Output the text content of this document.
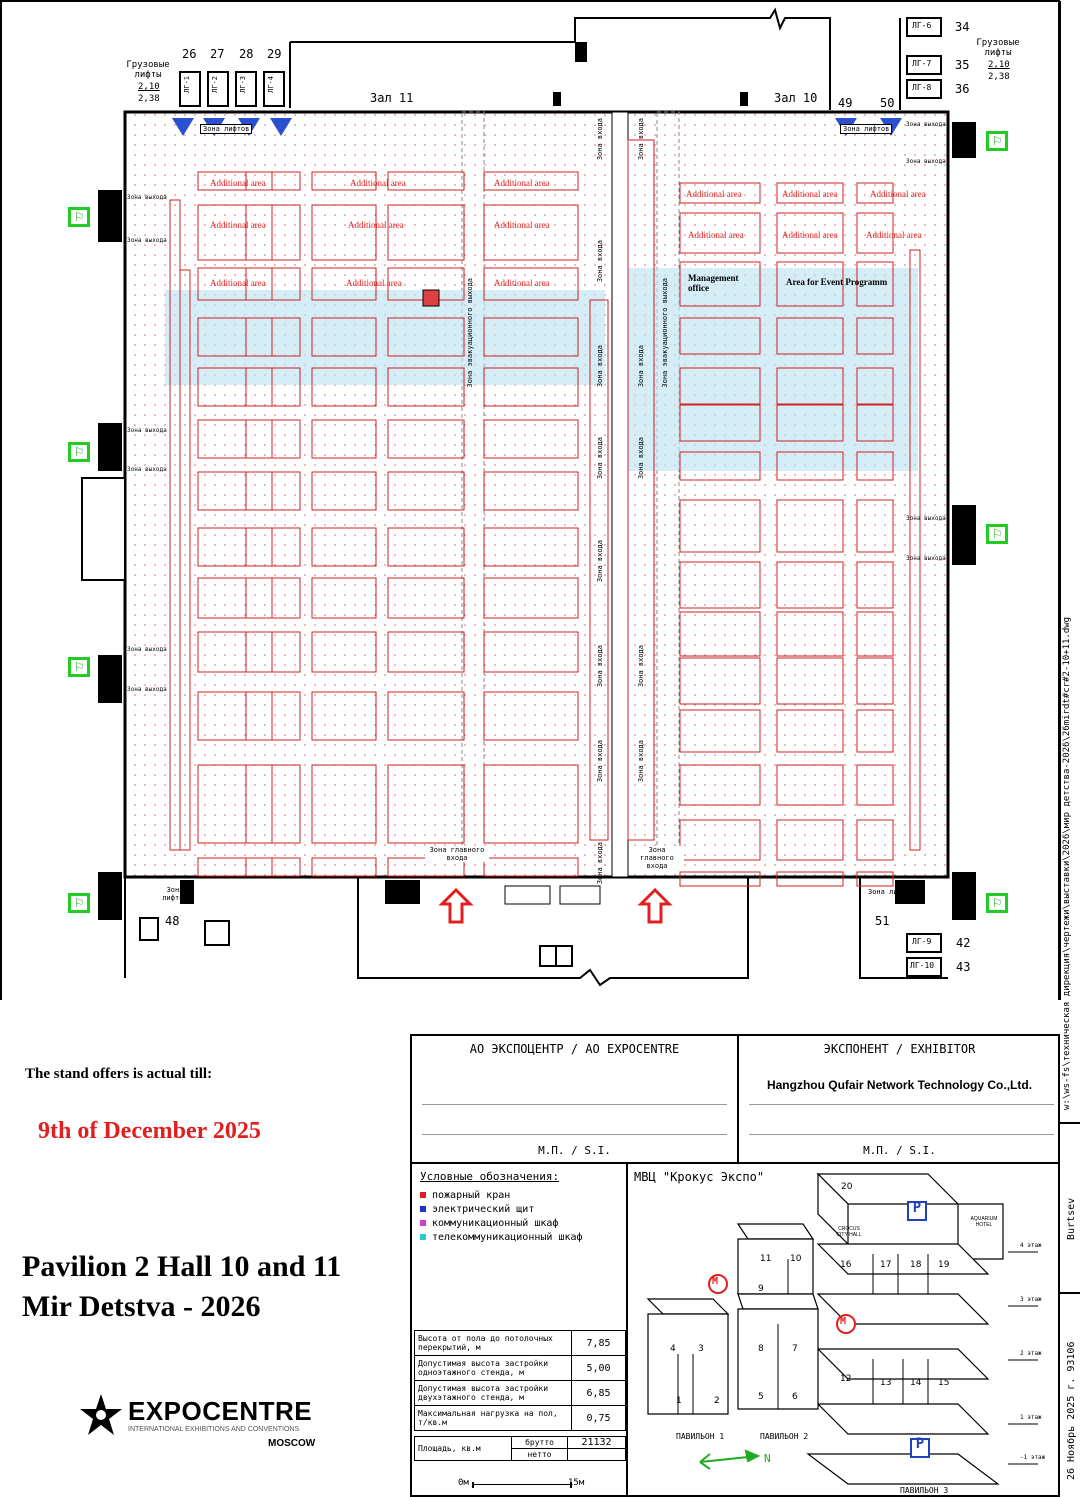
Зал 11	Зал 10
Грузовые лифты
2,10
2,38
26 27 28 29
ЛГ-1	ЛГ-2	ЛГ-3	ЛГ-4
Грузовые лифты
2,10
2,38
ЛГ-6 34
ЛГ-7 35
ЛГ-8 36
ЛГ-9 42
ЛГ-10 43
49 50
48	51
Зона лифтов	Зона лифтов
Зона лифтов
Зона лифтов
Зона главного входа
Зона главного входа
Зона выхода
Зона выхода
Зона выхода
Зона выхода
Зона выхода
Зона выхода
Зона выхода
Зона выхода
Зона выхода
Зона выхода
Зона входа
Зона входа
Зона входа
Зона входа
Зона входа
Зона входа
Зона входа
Зона входа
Зона входа
Зона входа
Зона входа
Зона входа
Зона входа
Зона эвакуационного выхода	Зона эвакуационного выхода
Additional area	Additional area	Additional area
Additional area	Additional area	Additional area
Additional area	Additional area	Additional area
Additional area	Additional area	Additional area
Additional area	Additional area	Additional area
Management office
Area for Event Programm
⚐
⚐
⚐
⚐
⚐
⚐
⚐	w:\ws-fs\техническая дирекция\чертежи\выставки\2026\мир детства-2026\26mirdt#cr#2-10+11.dwg
Burtsev
26 Ноябрь 2025 г. 93106
The stand offers is actual till:
9th of December 2025
Pavilion 2 Hall 10 and 11
Mir Detstva - 2026
EXPOCENTRE
INTERNATIONAL EXHIBITIONS AND CONVENTIONS
MOSCOW
АО ЭКСПОЦЕНТР / AO EXPOCENTRE	ЭКСПОНЕНТ / EXHIBITOR
Hangzhou Qufair Network Technology Co.,Ltd.
М.П. / S.I.	М.П. / S.I.
Условные обозначения:
пожарный кран
электрический щит
коммуникационный шкаф
телекоммуникационный шкаф
Высота от пола до потолочных перекрытий, м	7,85
Допустимая высота застройки одноэтажного стенда, м	5,00
Допустимая высота застройки двухэтажного стенда, м	6,85
Максимальная нагрузка на пол, т/кв.м	0,75
Площадь, кв.м	брутто	21132
	нетто	
0м	15м
МВЦ "Крокус Экспо"
P
P
M
M
N
ПАВИЛЬОН 1	ПАВИЛЬОН 2
ПАВИЛЬОН 3
4 этаж
3 этаж
2 этаж
1 этаж
-1 этаж
AQUARIUM HOTEL
CROCUS CITY HALL
20
16	17 18 19
12	13 14 15
11 10
9
8	7
5	6
4 3
1	2
